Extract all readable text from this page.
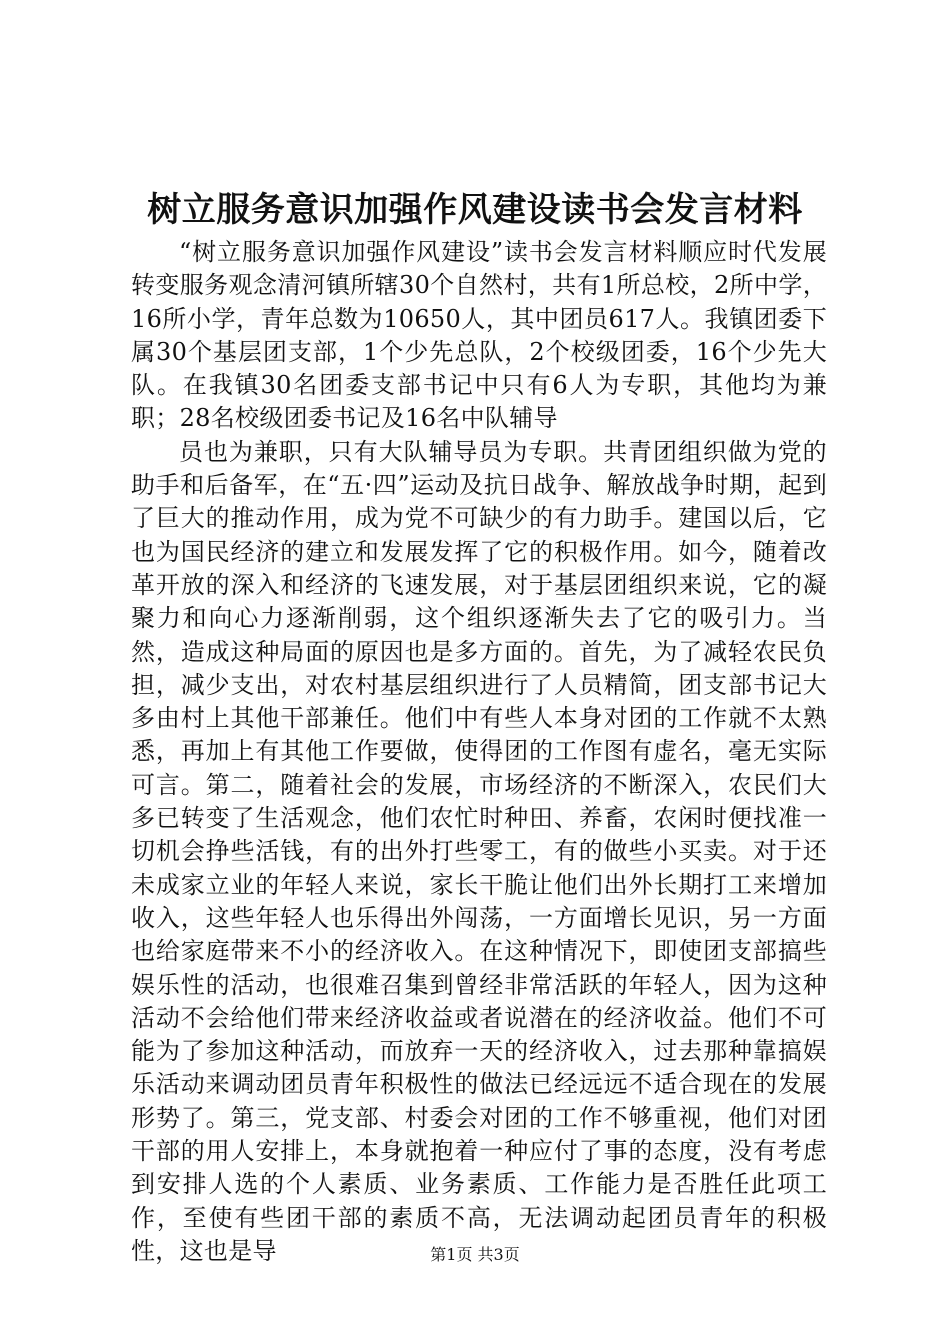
树立服务意识加强作风建设读书会发言材料

“树立服务意识加强作风建设”读书会发言材料顺应时代发展转变服务观念清河镇所辖30个自然村，共有1所总校，2所中学，16所小学，青年总数为10650人，其中团员617人。我镇团委下属30个基层团支部，1个少先总队，2个校级团委，16个少先大队。在我镇30名团委支部书记中只有6人为专职，其他均为兼职；28名校级团委书记及16名中队辅导

员也为兼职，只有大队辅导员为专职。共青团组织做为党的助手和后备军，在“五·四”运动及抗日战争、解放战争时期，起到了巨大的推动作用，成为党不可缺少的有力助手。建国以后，它也为国民经济的建立和发展发挥了它的积极作用。如今，随着改革开放的深入和经济的飞速发展，对于基层团组织来说，它的凝聚力和向心力逐渐削弱，这个组织逐渐失去了它的吸引力。当然，造成这种局面的原因也是多方面的。首先，为了减轻农民负担，减少支出，对农村基层组织进行了人员精简，团支部书记大多由村上其他干部兼任。他们中有些人本身对团的工作就不太熟悉，再加上有其他工作要做，使得团的工作图有虚名，毫无实际可言。第二，随着社会的发展，市场经济的不断深入，农民们大多已转变了生活观念，他们农忙时种田、养畜，农闲时便找准一切机会挣些活钱，有的出外打些零工，有的做些小买卖。对于还未成家立业的年轻人来说，家长干脆让他们出外长期打工来增加收入，这些年轻人也乐得出外闯荡，一方面增长见识，另一方面也给家庭带来不小的经济收入。在这种情况下，即使团支部搞些娱乐性的活动，也很难召集到曾经非常活跃的年轻人，因为这种活动不会给他们带来经济收益或者说潜在的经济收益。他们不可能为了参加这种活动，而放弃一天的经济收入，过去那种靠搞娱乐活动来调动团员青年积极性的做法已经远远不适合现在的发展形势了。第三，党支部、村委会对团的工作不够重视，他们对团干部的用人安排上，本身就抱着一种应付了事的态度，没有考虑到安排人选的个人素质、业务素质、工作能力是否胜任此项工作，至使有些团干部的素质不高，无法调动起团员青年的积极性，这也是导	第1页 共3页
